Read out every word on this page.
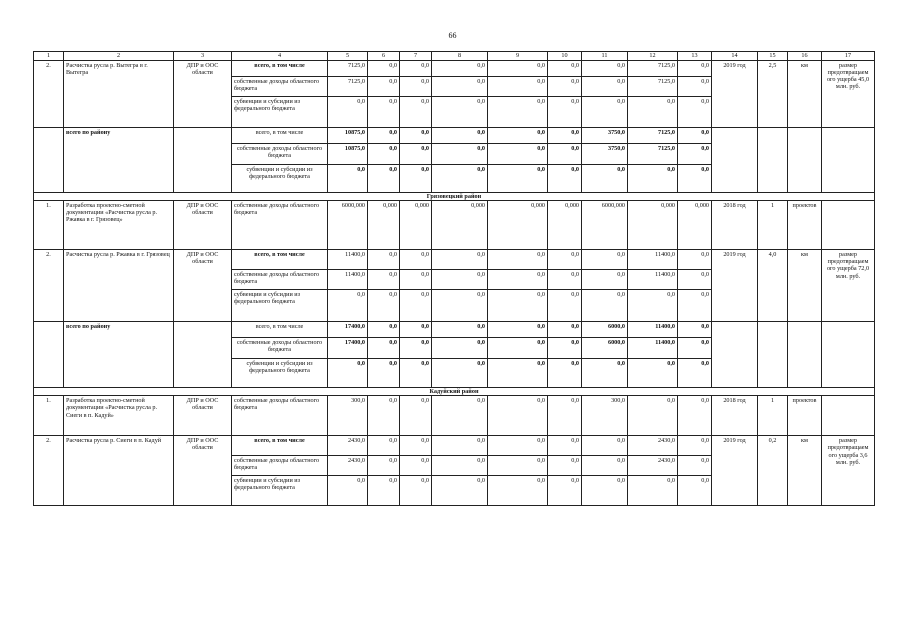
66
1	2	3	4	5	6	7	8	9	10	11	12	13	14	15	16	17
2.	Расчистка русла р. Вытегра в г. Вытегра	ДПР и ООС области	всего, в том числе	7125,0	0,0	0,0	0,0	0,0	0,0	0,0	7125,0	0,0	2019 год	2,5	км	размер предотвращаем ого ущерба 45,0 млн. руб.
			собственные доходы областного бюджета	7125,0	0,0	0,0	0,0	0,0	0,0	0,0	7125,0	0,0				
			субвенции и субсидии из федерального бюджета	0,0	0,0	0,0	0,0	0,0	0,0	0,0	0,0	0,0				
	всего по району		всего, в том числе	10875,0	0,0	0,0	0,0	0,0	0,0	3750,0	7125,0	0,0				
			собственные доходы областного бюджета	10875,0	0,0	0,0	0,0	0,0	0,0	3750,0	7125,0	0,0				
			субвенции и субсидии из федерального бюджета	0,0	0,0	0,0	0,0	0,0	0,0	0,0	0,0	0,0				
Грязовецкий район																
1.	Разработка проектно-сметной документации «Расчистка русла р. Ржавка в г. Грязовец»	ДПР и ООС области	собственные доходы областного бюджета	6000,000	0,000	0,000	0,000	0,000	0,000	6000,000	0,000	0,000	2018 год	1	проектов	
2.	Расчистка русла р. Ржавка в г. Грязовец	ДПР и ООС области	всего, в том числе	11400,0	0,0	0,0	0,0	0,0	0,0	0,0	11400,0	0,0	2019 год	4,0	км	размер предотвращаем ого ущерба 72,0 млн. руб.
			собственные доходы областного бюджета	11400,0	0,0	0,0	0,0	0,0	0,0	0,0	11400,0	0,0				
			субвенции и субсидии из федерального бюджета	0,0	0,0	0,0	0,0	0,0	0,0	0,0	0,0	0,0				
	всего по району		всего, в том числе	17400,0	0,0	0,0	0,0	0,0	0,0	6000,0	11400,0	0,0				
			собственные доходы областного бюджета	17400,0	0,0	0,0	0,0	0,0	0,0	6000,0	11400,0	0,0				
			субвенции и субсидии из федерального бюджета	0,0	0,0	0,0	0,0	0,0	0,0	0,0	0,0	0,0				
Кадуйский район																
1.	Разработка проектно-сметной документации «Расчистка русла р. Сиеги в п. Кадуй»	ДПР и ООС области	собственные доходы областного бюджета	300,0	0,0	0,0	0,0	0,0	0,0	300,0	0,0	0,0	2018 год	1	проектов	
2.	Расчистка русла р. Сиеги в п. Кадуй	ДПР и ООС области	всего, в том числе	2430,0	0,0	0,0	0,0	0,0	0,0	0,0	2430,0	0,0	2019 год	0,2	км	размер предотвращаем ого ущерба 3,6 млн. руб.
			собственные доходы областного бюджета	2430,0	0,0	0,0	0,0	0,0	0,0	0,0	2430,0	0,0				
			субвенции и субсидии из федерального бюджета	0,0	0,0	0,0	0,0	0,0	0,0	0,0	0,0	0,0				
